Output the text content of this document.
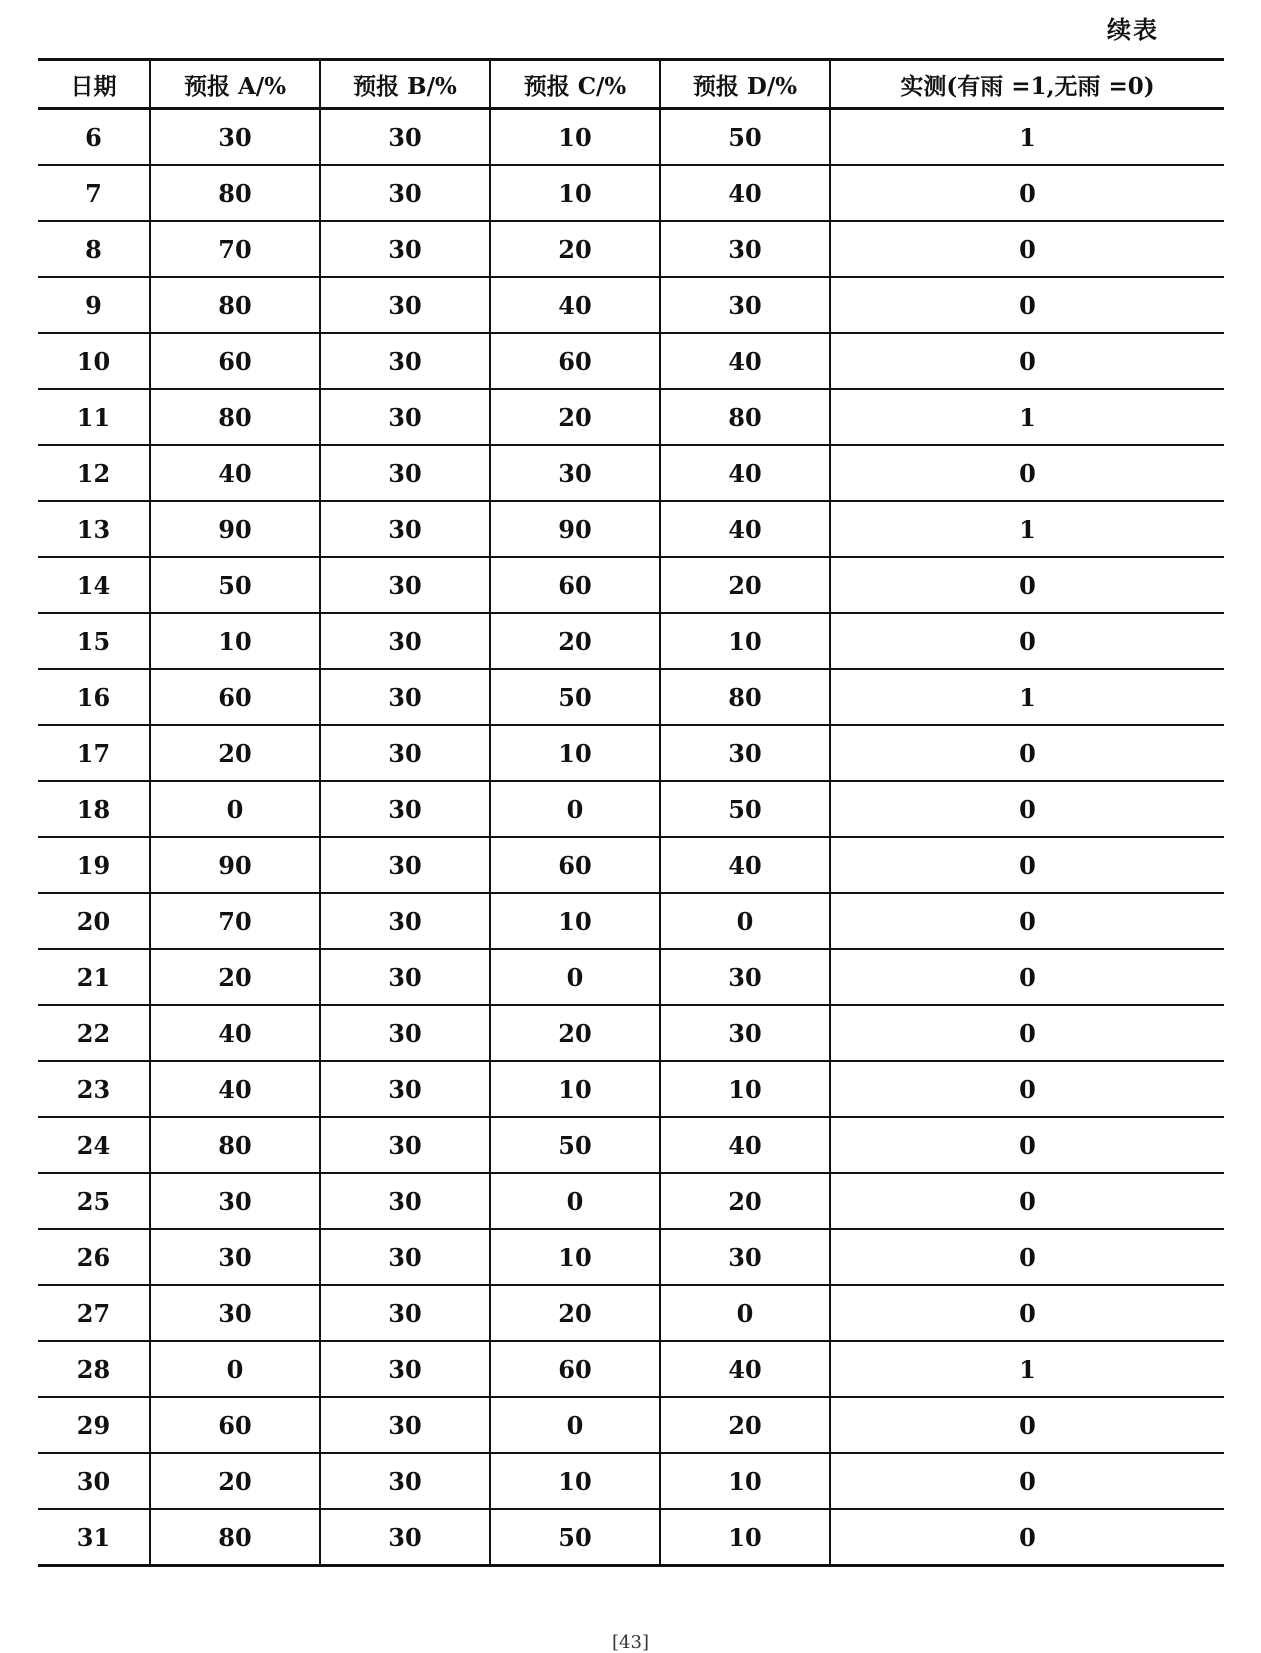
续表
日期	预报 A/%	预报 B/%	预报 C/%	预报 D/%	实测(有雨 =1,无雨 =0)
6	30	30	10	50	1
7	80	30	10	40	0
8	70	30	20	30	0
9	80	30	40	30	0
10	60	30	60	40	0
11	80	30	20	80	1
12	40	30	30	40	0
13	90	30	90	40	1
14	50	30	60	20	0
15	10	30	20	10	0
16	60	30	50	80	1
17	20	30	10	30	0
18	0	30	0	50	0
19	90	30	60	40	0
20	70	30	10	0	0
21	20	30	0	30	0
22	40	30	20	30	0
23	40	30	10	10	0
24	80	30	50	40	0
25	30	30	0	20	0
26	30	30	10	30	0
27	30	30	20	0	0
28	0	30	60	40	1
29	60	30	0	20	0
30	20	30	10	10	0
31	80	30	50	10	0
[43]
